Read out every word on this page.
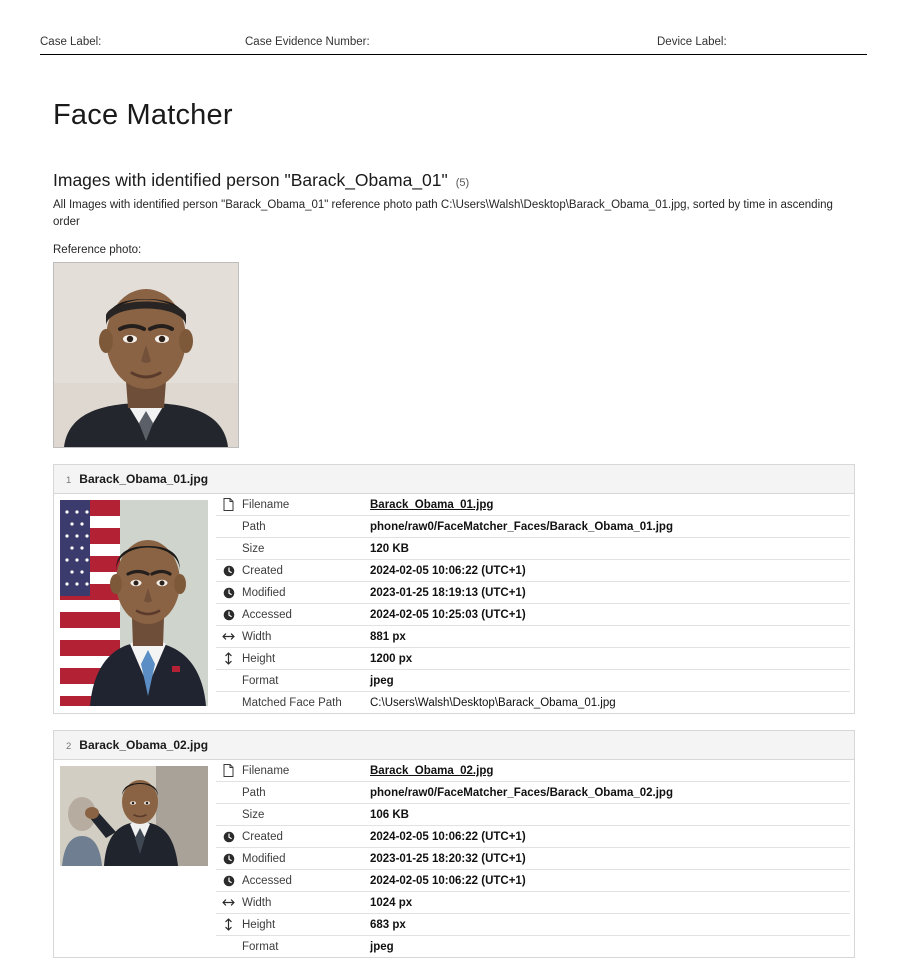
Case Label:	Case Evidence Number:	Device Label:
Face Matcher
Images with identified person "Barack_Obama_01" (5)

All Images with identified person "Barack_Obama_01" reference photo path C:\Users\Walsh\Desktop\Barack_Obama_01.jpg, sorted by time in ascending order

Reference photo:
1 Barack_Obama_01.jpg
Filename	Barack_Obama_01.jpg

Path	phone/raw0/FaceMatcher_Faces/Barack_Obama_01.jpg

Size	120 KB

Created	2024-02-05 10:06:22 (UTC+1)

Modified	2023-01-25 18:19:13 (UTC+1)

Accessed	2024-02-05 10:25:03 (UTC+1)

Width	881 px

Height	1200 px

Format	jpeg

Matched Face Path	C:\Users\Walsh\Desktop\Barack_Obama_01.jpg
2 Barack_Obama_02.jpg
Filename	Barack_Obama_02.jpg

Path	phone/raw0/FaceMatcher_Faces/Barack_Obama_02.jpg

Size	106 KB

Created	2024-02-05 10:06:22 (UTC+1)

Modified	2023-01-25 18:20:32 (UTC+1)

Accessed	2024-02-05 10:06:22 (UTC+1)

Width	1024 px

Height	683 px

Format	jpeg
